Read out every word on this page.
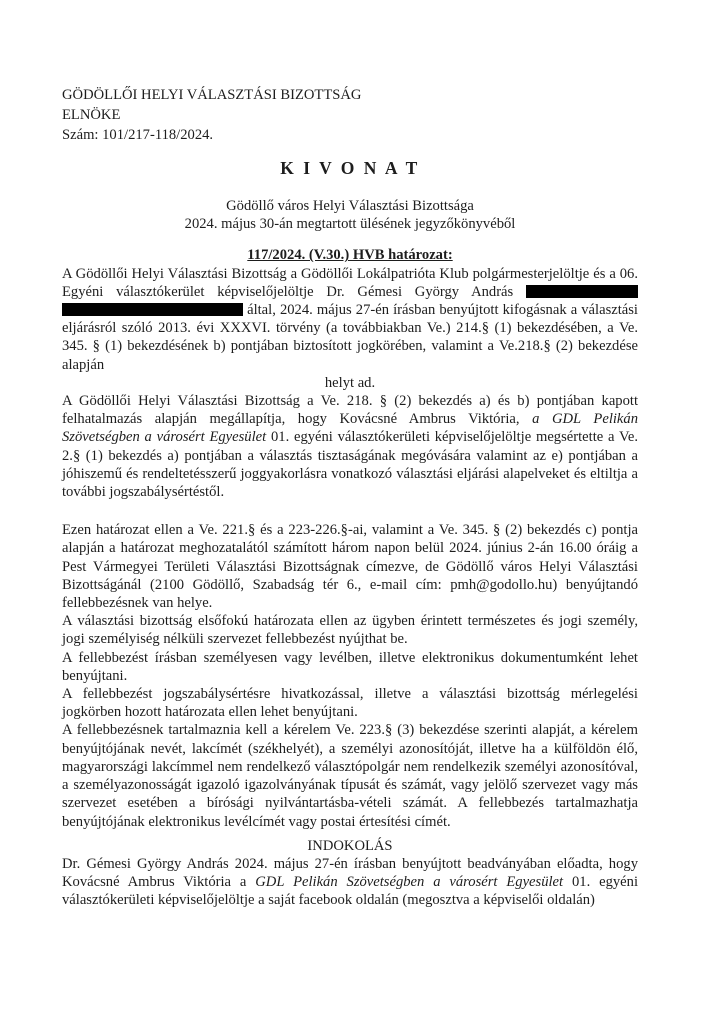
GÖDÖLLŐI HELYI VÁLASZTÁSI BIZOTTSÁG
ELNÖKE
Szám: 101/217-118/2024.
K I V O N A T
Gödöllő város Helyi Választási Bizottsága
2024. május 30-án megtartott ülésének jegyzőkönyvéből
117/2024. (V.30.) HVB határozat:

A Gödöllői Helyi Választási Bizottság a Gödöllői Lokálpatrióta Klub polgármesterjelöltje és a 06. Egyéni választókerület képviselőjelöltje Dr. Gémesi György András   által, 2024. május 27-én írásban benyújtott kifogásnak a választási eljárásról szóló 2013. évi XXXVI. törvény (a továbbiakban Ve.) 214.§ (1) bekezdésében, a Ve. 345. § (1) bekezdésének b) pontjában biztosított jogkörében, valamint a Ve.218.§ (2) bekezdése alapján

helyt ad.

A Gödöllői Helyi Választási Bizottság a Ve. 218. § (2) bekezdés a) és b) pontjában kapott felhatalmazás alapján megállapítja, hogy Kovácsné Ambrus Viktória, a GDL Pelikán Szövetségben a városért Egyesület 01. egyéni választókerületi képviselőjelöltje megsértette a Ve. 2.§ (1) bekezdés a) pontjában a választás tisztaságának megóvására valamint az e) pontjában a jóhiszemű és rendeltetésszerű joggyakorlásra vonatkozó választási eljárási alapelveket és eltiltja a további jogszabálysértéstől.

Ezen határozat ellen a Ve. 221.§ és a 223-226.§-ai, valamint a Ve. 345. § (2) bekezdés c) pontja alapján a határozat meghozatalától számított három napon belül 2024. június 2-án 16.00 óráig a Pest Vármegyei Területi Választási Bizottságnak címezve, de Gödöllő város Helyi Választási Bizottságánál (2100 Gödöllő, Szabadság tér 6., e-mail cím: pmh@godollo.hu) benyújtandó fellebbezésnek van helye.

A választási bizottság elsőfokú határozata ellen az ügyben érintett természetes és jogi személy, jogi személyiség nélküli szervezet fellebbezést nyújthat be.

A fellebbezést írásban személyesen vagy levélben, illetve elektronikus dokumentumként lehet benyújtani.

A fellebbezést jogszabálysértésre hivatkozással, illetve a választási bizottság mérlegelési jogkörben hozott határozata ellen lehet benyújtani.

A fellebbezésnek tartalmaznia kell a kérelem Ve. 223.§ (3) bekezdése szerinti alapját, a kérelem benyújtójának nevét, lakcímét (székhelyét), a személyi azonosítóját, illetve ha a külföldön élő, magyarországi lakcímmel nem rendelkező választópolgár nem rendelkezik személyi azonosítóval, a személyazonosságát igazoló igazolványának típusát és számát, vagy jelölő szervezet vagy más szervezet esetében a bírósági nyilvántartásba-vételi számát. A fellebbezés tartalmazhatja benyújtójának elektronikus levélcímét vagy postai értesítési címét.

INDOKOLÁS

Dr. Gémesi György András 2024. május 27-én írásban benyújtott beadványában előadta, hogy Kovácsné Ambrus Viktória a GDL Pelikán Szövetségben a városért Egyesület 01. egyéni választókerületi képviselőjelöltje a saját facebook oldalán (megosztva a képviselői oldalán)
